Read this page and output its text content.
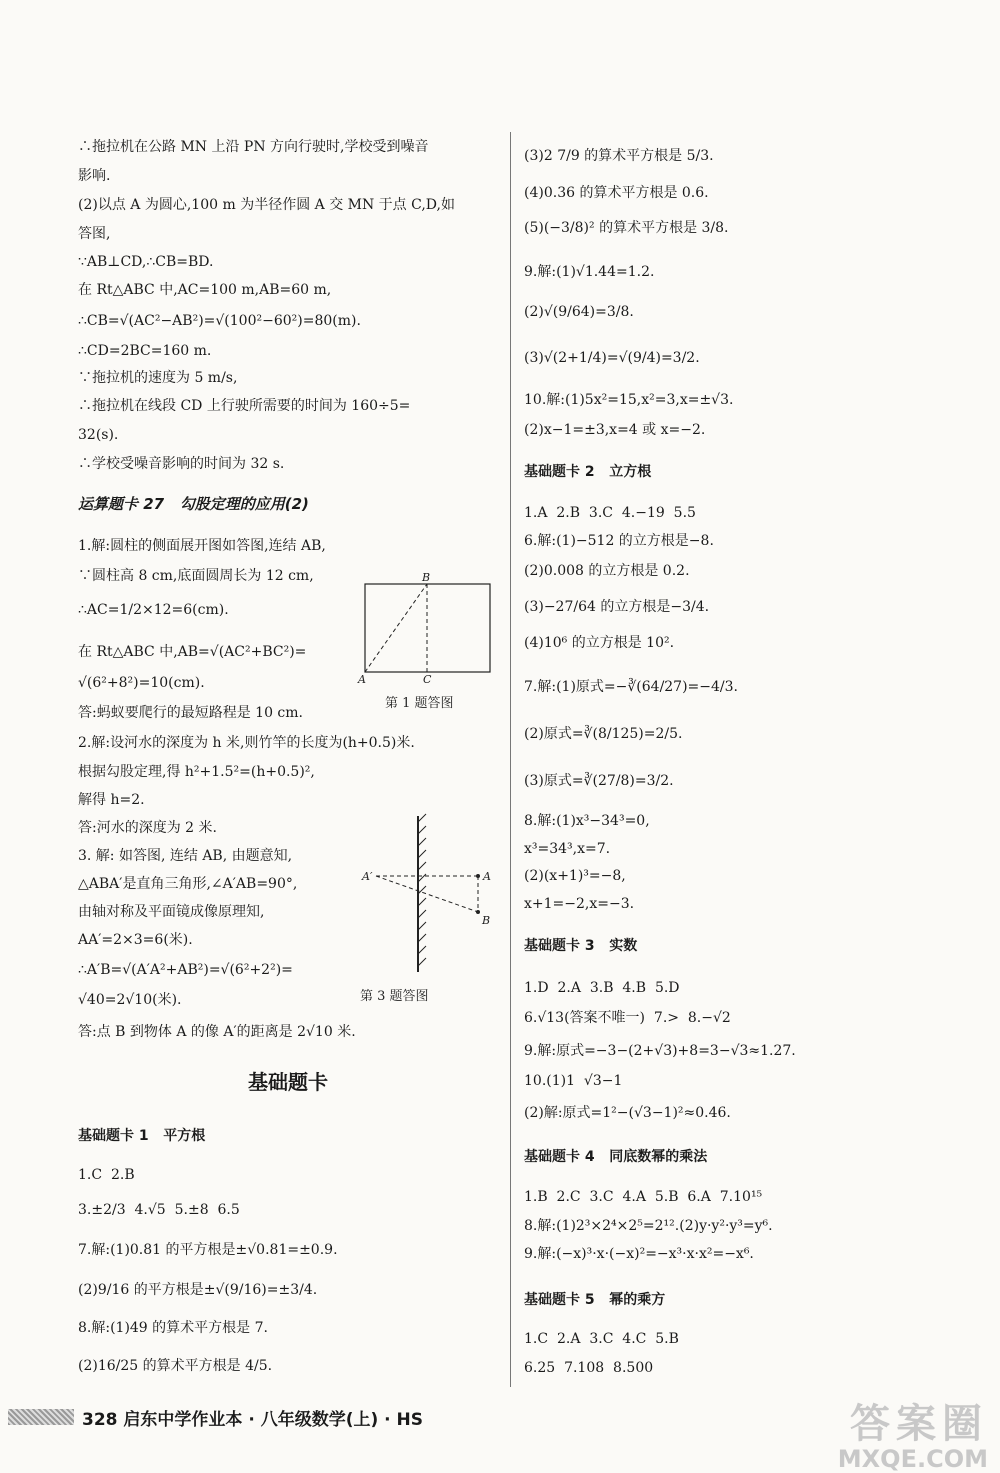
∴拖拉机在公路 MN 上沿 PN 方向行驶时,学校受到噪音
影响.
(2)以点 A 为圆心,100 m 为半径作圆 A 交 MN 于点 C,D,如
答图,
∵AB⊥CD,∴CB=BD.
在 Rt△ABC 中,AC=100 m,AB=60 m,
∴CB=√(AC²−AB²)=√(100²−60²)=80(m).
∴CD=2BC=160 m.
∵拖拉机的速度为 5 m/s,
∴拖拉机在线段 CD 上行驶所需要的时间为 160÷5=
32(s).
∴学校受噪音影响的时间为 32 s.
运算题卡 27   勾股定理的应用(2)
1.解:圆柱的侧面展开图如答图,连结 AB,
∵圆柱高 8 cm,底面圆周长为 12 cm,
∴AC=1/2×12=6(cm).
在 Rt△ABC 中,AB=√(AC²+BC²)=
√(6²+8²)=10(cm).
答:蚂蚁要爬行的最短路程是 10 cm.
2.解:设河水的深度为 h 米,则竹竿的长度为(h+0.5)米.
根据勾股定理,得 h²+1.5²=(h+0.5)²,
解得 h=2.
答:河水的深度为 2 米.
3. 解: 如答图, 连结 AB, 由题意知,
△ABA′是直角三角形,∠A′AB=90°,
由轴对称及平面镜成像原理知,
AA′=2×3=6(米).
∴A′B=√(A′A²+AB²)=√(6²+2²)=
√40=2√10(米).
答:点 B 到物体 A 的像 A′的距离是 2√10 米.
基础题卡 1   平方根
1.C  2.B
3.±2/3  4.√5  5.±8  6.5
7.解:(1)0.81 的平方根是±√0.81=±0.9.
(2)9/16 的平方根是±√(9/16)=±3/4.
8.解:(1)49 的算术平方根是 7.
(2)16/25 的算术平方根是 4/5.
基础题卡
B
A	C
第 1 题答图
A′	A
B
第 3 题答图
(3)2 7/9 的算术平方根是 5/3.
(4)0.36 的算术平方根是 0.6.
(5)(−3/8)² 的算术平方根是 3/8.
9.解:(1)√1.44=1.2.
(2)√(9/64)=3/8.
(3)√(2+1/4)=√(9/4)=3/2.
10.解:(1)5x²=15,x²=3,x=±√3.
(2)x−1=±3,x=4 或 x=−2.
基础题卡 2   立方根
1.A  2.B  3.C  4.−19  5.5
6.解:(1)−512 的立方根是−8.
(2)0.008 的立方根是 0.2.
(3)−27/64 的立方根是−3/4.
(4)10⁶ 的立方根是 10².
7.解:(1)原式=−∛(64/27)=−4/3.
(2)原式=∛(8/125)=2/5.
(3)原式=∛(27/8)=3/2.
8.解:(1)x³−34³=0,
x³=34³,x=7.
(2)(x+1)³=−8,
x+1=−2,x=−3.
基础题卡 3   实数
1.D  2.A  3.B  4.B  5.D
6.√13(答案不唯一)  7.>  8.−√2
9.解:原式=−3−(2+√3)+8=3−√3≈1.27.
10.(1)1  √3−1
(2)解:原式=1²−(√3−1)²≈0.46.
基础题卡 4   同底数幂的乘法
1.B  2.C  3.C  4.A  5.B  6.A  7.10¹⁵
8.解:(1)2³×2⁴×2⁵=2¹².(2)y·y²·y³=y⁶.
9.解:(−x)³·x·(−x)²=−x³·x·x²=−x⁶.
基础题卡 5   幂的乘方
1.C  2.A  3.C  4.C  5.B
6.25  7.108  8.500
328 启东中学作业本 · 八年级数学(上) · HS	答案圈
MXQE.COM
